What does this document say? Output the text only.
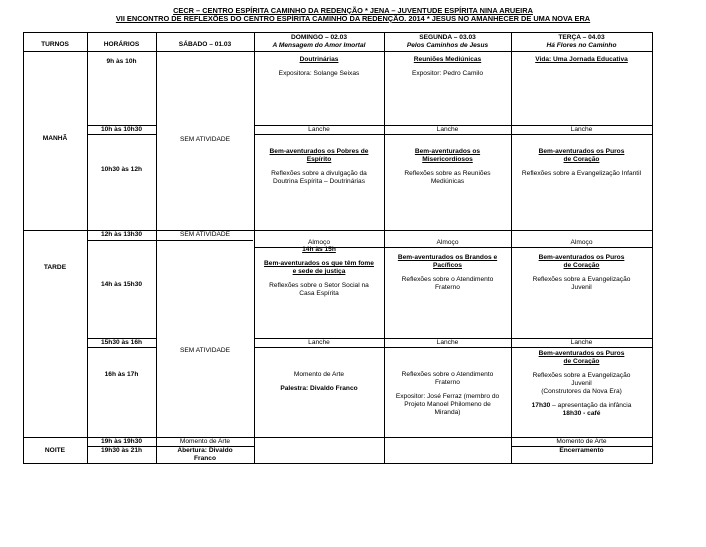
CECR – CENTRO ESPÍRITA CAMINHO DA REDENÇÃO * JENA – JUVENTUDE ESPÍRITA NINA ARUEIRA
VII ENCONTRO DE REFLEXÕES DO CENTRO ESPÍRITA CAMINHO DA REDENÇÃO. 2014 * JESUS NO AMANHECER DE UMA NOVA ERA
TURNOS	HORÁRIOS	SÁBADO – 01.03
DOMINGO – 02.03
A Mensagem do Amor Imortal
SEGUNDA – 03.03
Pelos Caminhos de Jesus
TERÇA – 04.03
Há Flores no Caminho
MANHÃ
TARDE
NOITE
9h às 10h
10h às 10h30
10h30 às 12h
12h às 13h30
14h às 15h30
15h30 às 16h
16h às 17h
19h às 19h30
19h30 às 21h
SEM ATIVIDADE
SEM ATIVIDADE
SEM ATIVIDADE
Momento de Arte
Abertura: Divaldo Franco
Doutrinárias
Expositora: Solange Seixas
Lanche
Bem-aventurados os Pobres de Espírito
Reflexões sobre a divulgação da Doutrina Espírita – Doutrinárias
Almoço
14h às 15h
Bem-aventurados os que têm fome e sede de justiça
Reflexões sobre o Setor Social na Casa Espírita
Lanche
Momento de Arte
Palestra: Divaldo Franco
Reuniões Mediúnicas
Expositor: Pedro Camilo
Lanche
Bem-aventurados os Misericordiosos
Reflexões sobre as Reuniões Mediúnicas
Almoço
Bem-aventurados os Brandos e Pacíficos
Reflexões sobre o Atendimento Fraterno
Lanche
Reflexões sobre o Atendimento Fraterno
Expositor: José Ferraz (membro do Projeto Manoel Philomeno de Miranda)
Vida: Uma Jornada Educativa
Lanche
Bem-aventurados os Puros de Coração
Reflexões sobre a Evangelização Infantil
Almoço
Bem-aventurados os Puros de Coração
Reflexões sobre a Evangelização Juvenil
Lanche
Bem-aventurados os Puros de Coração
Reflexões sobre a Evangelização Juvenil
(Construtores da Nova Era)
17h30 – apresentação da infância
18h30 - café
Momento de Arte
Encerramento
